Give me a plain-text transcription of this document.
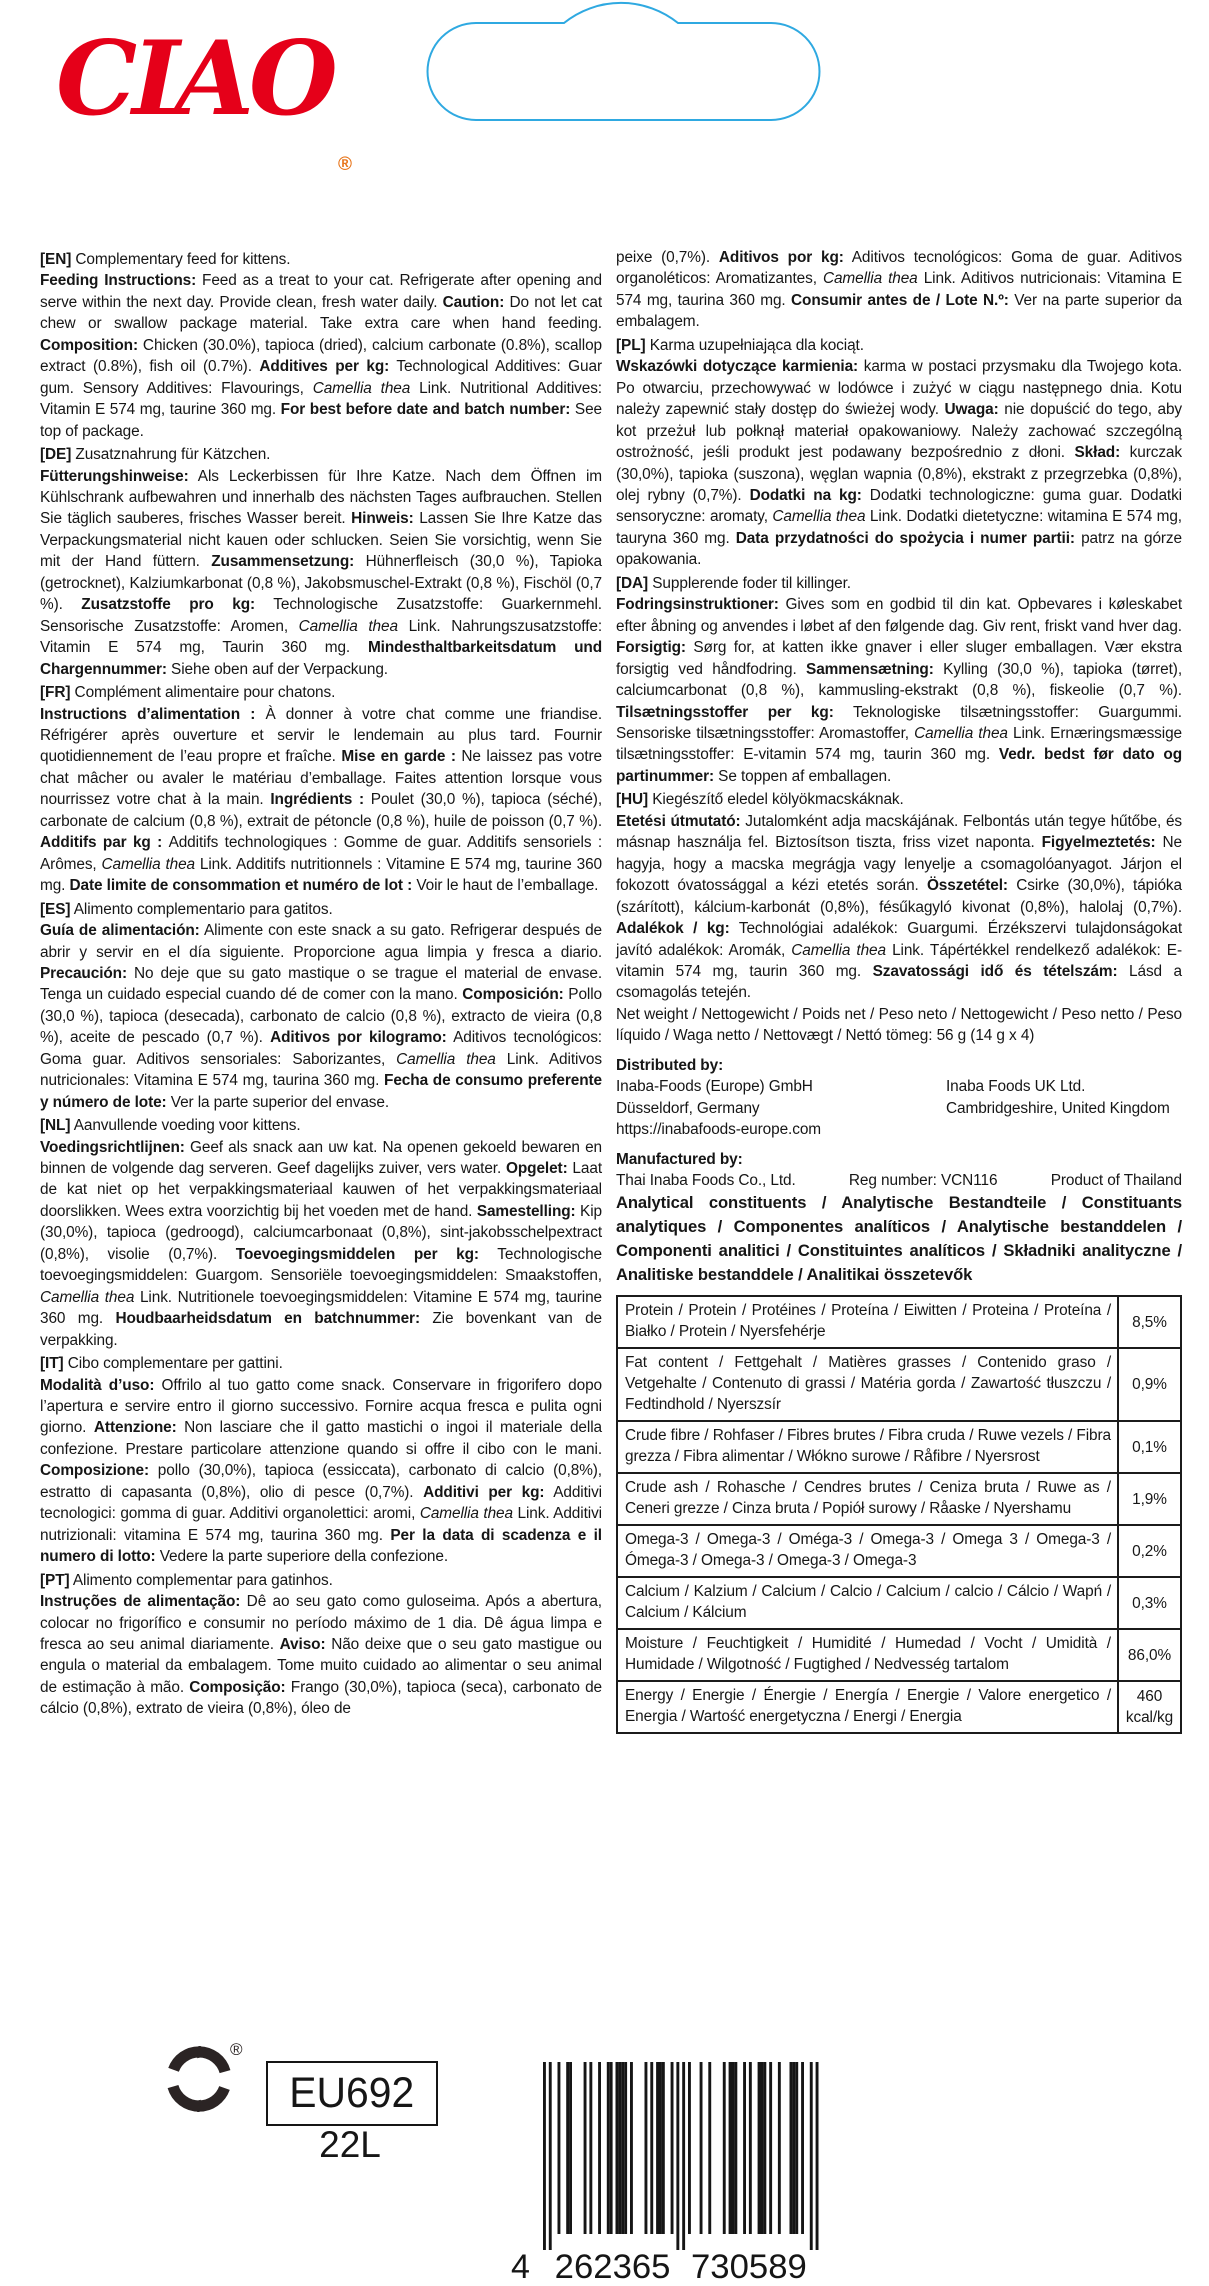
CIAO
®

[EN] Complementary feed for kittens.

Feeding Instructions: Feed as a treat to your cat. Refrigerate after opening and serve within the next day. Provide clean, fresh water daily. Caution: Do not let cat chew or swallow package material. Take extra care when hand feeding. Composition: Chicken (30.0%), tapioca (dried), calcium carbonate (0.8%), scallop extract (0.8%), fish oil (0.7%). Additives per kg: Technological Additives: Guar gum. Sensory Additives: Flavourings, Camellia thea Link. Nutritional Additives: Vitamin E 574 mg, taurine 360 mg. For best before date and batch number: See top of package.

[DE] Zusatznahrung für Kätzchen.

Fütterungshinweise: Als Leckerbissen für Ihre Katze. Nach dem Öffnen im Kühlschrank aufbewahren und innerhalb des nächsten Tages aufbrauchen. Stellen Sie täglich sauberes, frisches Wasser bereit. Hinweis: Lassen Sie Ihre Katze das Verpackungsmaterial nicht kauen oder schlucken. Seien Sie vorsichtig, wenn Sie mit der Hand füttern. Zusammensetzung: Hühnerfleisch (30,0 %), Tapioka (getrocknet), Kalziumkarbonat (0,8 %), Jakobsmuschel-Extrakt (0,8 %), Fischöl (0,7 %). Zusatzstoffe pro kg: Technologische Zusatzstoffe: Guarkernmehl. Sensorische Zusatzstoffe: Aromen, Camellia thea Link. Nahrungszusatzstoffe: Vitamin E 574 mg, Taurin 360 mg. Mindesthaltbarkeitsdatum und Chargennummer: Siehe oben auf der Verpackung.

[FR] Complément alimentaire pour chatons.

Instructions d’alimentation : À donner à votre chat comme une friandise. Réfrigérer après ouverture et servir le lendemain au plus tard. Fournir quotidiennement de l’eau propre et fraîche. Mise en garde : Ne laissez pas votre chat mâcher ou avaler le matériau d’emballage. Faites attention lorsque vous nourrissez votre chat à la main. Ingrédients : Poulet (30,0 %), tapioca (séché), carbonate de calcium (0,8 %), extrait de pétoncle (0,8 %), huile de poisson (0,7 %). Additifs par kg : Additifs technologiques : Gomme de guar. Additifs sensoriels : Arômes, Camellia thea Link. Additifs nutritionnels : Vitamine E 574 mg, taurine 360 mg. Date limite de consommation et numéro de lot : Voir le haut de l’emballage.

[ES] Alimento complementario para gatitos.

Guía de alimentación: Alimente con este snack a su gato. Refrigerar después de abrir y servir en el día siguiente. Proporcione agua limpia y fresca a diario. Precaución: No deje que su gato mastique o se trague el material de envase. Tenga un cuidado especial cuando dé de comer con la mano. Composición: Pollo (30,0 %), tapioca (desecada), carbonato de calcio (0,8 %), extracto de vieira (0,8 %), aceite de pescado (0,7 %). Aditivos por kilogramo: Aditivos tecnológicos: Goma guar. Aditivos sensoriales: Saborizantes, Camellia thea Link. Aditivos nutricionales: Vitamina E 574 mg, taurina 360 mg. Fecha de consumo preferente y número de lote: Ver la parte superior del envase.

[NL] Aanvullende voeding voor kittens.

Voedingsrichtlijnen: Geef als snack aan uw kat. Na openen gekoeld bewaren en binnen de volgende dag serveren. Geef dagelijks zuiver, vers water. Opgelet: Laat de kat niet op het verpakkingsmateriaal kauwen of het verpakkingsmateriaal doorslikken. Wees extra voorzichtig bij het voeden met de hand. Samestelling: Kip (30,0%), tapioca (gedroogd), calciumcarbonaat (0,8%), sint-jakobsschelpextract (0,8%), visolie (0,7%). Toevoegingsmiddelen per kg: Technologische toevoegingsmiddelen: Guargom. Sensoriële toevoegingsmiddelen: Smaakstoffen, Camellia thea Link. Nutritionele toevoegingsmiddelen: Vitamine E 574 mg, taurine 360 mg. Houdbaarheidsdatum en batchnummer: Zie bovenkant van de verpakking.

[IT] Cibo complementare per gattini.

Modalità d’uso: Offrilo al tuo gatto come snack. Conservare in frigorifero dopo l’apertura e servire entro il giorno successivo. Fornire acqua fresca e pulita ogni giorno. Attenzione: Non lasciare che il gatto mastichi o ingoi il materiale della confezione. Prestare particolare attenzione quando si offre il cibo con le mani. Composizione: pollo (30,0%), tapioca (essiccata), carbonato di calcio (0,8%), estratto di capasanta (0,8%), olio di pesce (0,7%). Additivi per kg: Additivi tecnologici: gomma di guar. Additivi organolettici: aromi, Camellia thea Link. Additivi nutrizionali: vitamina E 574 mg, taurina 360 mg. Per la data di scadenza e il numero di lotto: Vedere la parte superiore della confezione.

[PT] Alimento complementar para gatinhos.

Instruções de alimentação: Dê ao seu gato como guloseima. Após a abertura, colocar no frigorífico e consumir no período máximo de 1 dia. Dê água limpa e fresca ao seu animal diariamente. Aviso: Não deixe que o seu gato mastigue ou engula o material da embalagem. Tome muito cuidado ao alimentar o seu animal de estimação à mão. Composição: Frango (30,0%), tapioca (seca), carbonato de cálcio (0,8%), extrato de vieira (0,8%), óleo de

peixe (0,7%). Aditivos por kg: Aditivos tecnológicos: Goma de guar. Aditivos organoléticos: Aromatizantes, Camellia thea Link. Aditivos nutricionais: Vitamina E 574 mg, taurina 360 mg. Consumir antes de / Lote N.º: Ver na parte superior da embalagem.

[PL] Karma uzupełniająca dla kociąt.

Wskazówki dotyczące karmienia: karma w postaci przysmaku dla Twojego kota. Po otwarciu, przechowywać w lodówce i zużyć w ciągu następnego dnia. Kotu należy zapewnić stały dostęp do świeżej wody. Uwaga: nie dopuścić do tego, aby kot przeżuł lub połknął materiał opakowaniowy. Należy zachować szczególną ostrożność, jeśli produkt jest podawany bezpośrednio z dłoni. Skład: kurczak (30,0%), tapioka (suszona), węglan wapnia (0,8%), ekstrakt z przegrzebka (0,8%), olej rybny (0,7%). Dodatki na kg: Dodatki technologiczne: guma guar. Dodatki sensoryczne: aromaty, Camellia thea Link. Dodatki dietetyczne: witamina E 574 mg, tauryna 360 mg. Data przydatności do spożycia i numer partii: patrz na górze opakowania.

[DA] Supplerende foder til killinger.

Fodringsinstruktioner: Gives som en godbid til din kat. Opbevares i køleskabet efter åbning og anvendes i løbet af den følgende dag. Giv rent, friskt vand hver dag. Forsigtig: Sørg for, at katten ikke gnaver i eller sluger emballagen. Vær ekstra forsigtig ved håndfodring. Sammensætning: Kylling (30,0 %), tapioka (tørret), calciumcarbonat (0,8 %), kammusling-ekstrakt (0,8 %), fiskeolie (0,7 %). Tilsætningsstoffer per kg: Teknologiske tilsætningsstoffer: Guargummi. Sensoriske tilsætningsstoffer: Aromastoffer, Camellia thea Link. Ernæringsmæssige tilsætningsstoffer: E-vitamin 574 mg, taurin 360 mg. Vedr. bedst før dato og partinummer: Se toppen af emballagen.

[HU] Kiegészítő eledel kölyökmacskáknak.

Etetési útmutató: Jutalomként adja macskájának. Felbontás után tegye hűtőbe, és másnap használja fel. Biztosítson tiszta, friss vizet naponta. Figyelmeztetés: Ne hagyja, hogy a macska megrágja vagy lenyelje a csomagolóanyagot. Járjon el fokozott óvatossággal a kézi etetés során. Összetétel: Csirke (30,0%), tápióka (szárított), kálcium-karbonát (0,8%), fésűkagyló kivonat (0,8%), halolaj (0,7%). Adalékok / kg: Technológiai adalékok: Guargumi. Érzékszervi tulajdonságokat javító adalékok: Aromák, Camellia thea Link. Tápértékkel rendelkező adalékok: E-vitamin 574 mg, taurin 360 mg. Szavatossági idő és tételszám: Lásd a csomagolás tetején.

Net weight / Nettogewicht / Poids net / Peso neto / Nettogewicht / Peso netto / Peso líquido / Waga netto / Nettovægt / Nettó tömeg: 56 g (14 g x 4)

Distributed by:

Inaba-Foods (Europe) GmbH

Düsseldorf, Germany

https://inabafoods-europe.com

Inaba Foods UK Ltd.

Cambridgeshire, United Kingdom

Manufactured by:

Thai Inaba Foods Co., Ltd.	Reg number: VCN116	Product of Thailand

Analytical constituents / Analytische Bestandteile / Constituants analytiques / Componentes analíticos / Analytische bestanddelen / Componenti analitici / Constituintes analíticos / Składniki analityczne / Analitiske bestanddele / Analitikai összetevők

Protein / Protein / Protéines / Proteína / Eiwitten / Proteina / Proteína / Białko / Protein / Nyersfehérje	8,5%
Fat content / Fettgehalt / Matières grasses / Contenido graso / Vetgehalte / Contenuto di grassi / Matéria gorda / Zawartość tłuszczu / Fedtindhold / Nyerszsír	0,9%
Crude fibre / Rohfaser / Fibres brutes / Fibra cruda / Ruwe vezels / Fibra grezza / Fibra alimentar / Włókno surowe / Råfibre / Nyersrost	0,1%
Crude ash / Rohasche / Cendres brutes / Ceniza bruta / Ruwe as / Ceneri grezze / Cinza bruta / Popiół surowy / Råaske / Nyershamu	1,9%
Omega-3 / Omega-3 / Oméga-3 / Omega-3 / Omega 3 / Omega-3 / Ómega-3 / Omega-3 / Omega-3 / Omega-3	0,2%
Calcium / Kalzium / Calcium / Calcio / Calcium / calcio / Cálcio / Wapń / Calcium / Kálcium	0,3%
Moisture / Feuchtigkeit / Humidité / Humedad / Vocht / Umidità / Humidade / Wilgotność / Fugtighed / Nedvesség tartalom	86,0%
Energy / Energie / Énergie / Energía / Energie / Valore energetico / Energia / Wartość energetyczna / Energi / Energia	460 kcal/kg
®
EU692
22L
4 262365 730589
